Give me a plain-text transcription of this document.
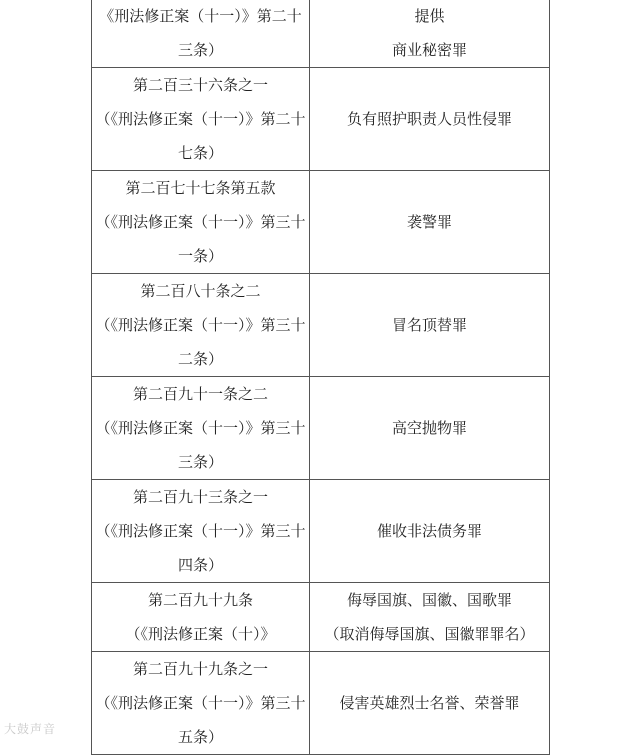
《刑法修正案（十一）》第二十
三条）	提供
商业秘密罪

第二百三十六条之一
（《刑法修正案（十一）》第二十
七条）	负有照护职责人员性侵罪

第二百七十七条第五款
（《刑法修正案（十一）》第三十
一条）	袭警罪

第二百八十条之二
（《刑法修正案（十一）》第三十
二条）	冒名顶替罪

第二百九十一条之二
（《刑法修正案（十一）》第三十
三条）	高空抛物罪

第二百九十三条之一
（《刑法修正案（十一）》第三十
四条）	催收非法债务罪

第二百九十九条
（《刑法修正案（十）》	侮辱国旗、国徽、国歌罪
（取消侮辱国旗、国徽罪罪名）

第二百九十九条之一
（《刑法修正案（十一）》第三十
五条）	侵害英雄烈士名誉、荣誉罪
大鼓声音
